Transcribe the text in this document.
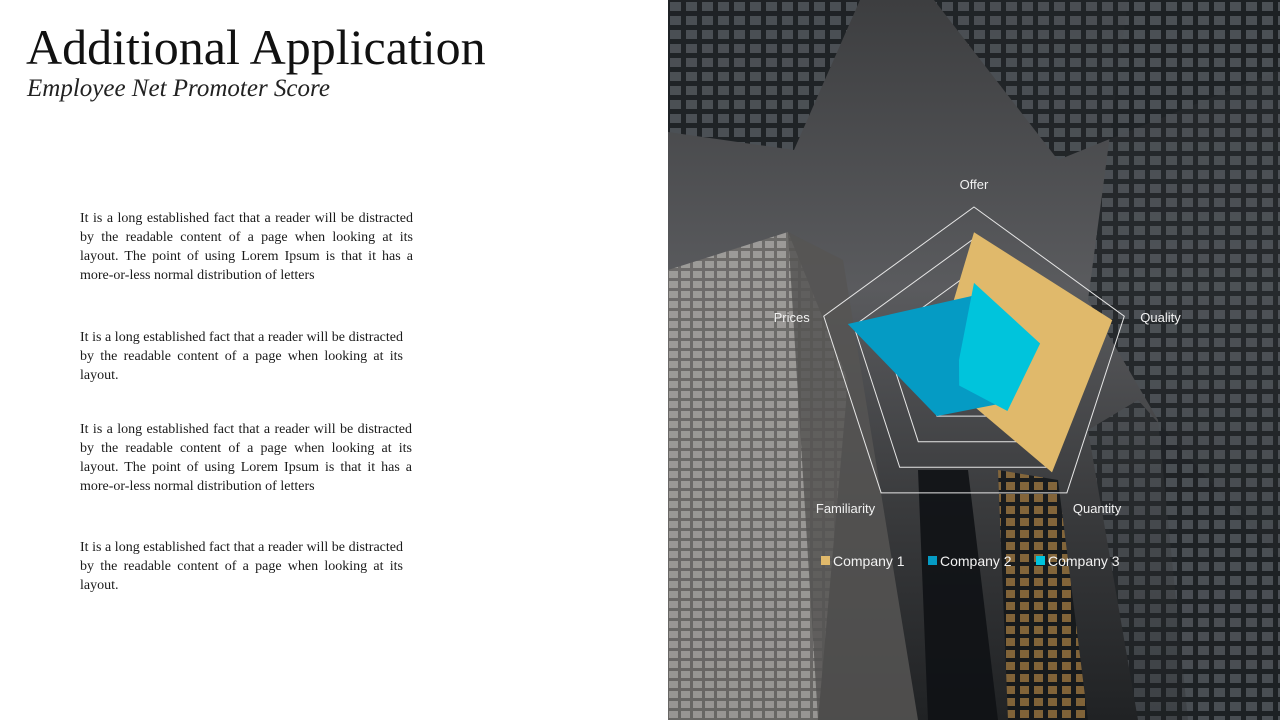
Additional Application

Employee Net Promoter Score

It is a long established fact that a reader will be distracted by the readable content of a page when looking at its layout. The point of using Lorem Ipsum is that it has a more-or-less normal distribution of letters

It is a long established fact that a reader will be distracted by the readable content of a page when looking at its layout.

It is a long established fact that a reader will be distracted by the readable content of a page when looking at its layout. The point of using Lorem Ipsum is that it has a more-or-less normal distribution of letters

It is a long established fact that a reader will be distracted by the readable content of a page when looking at its layout.

Offer
Quality
Quantity
Familiarity
Prices
Company 1	Company 2	Company 3
